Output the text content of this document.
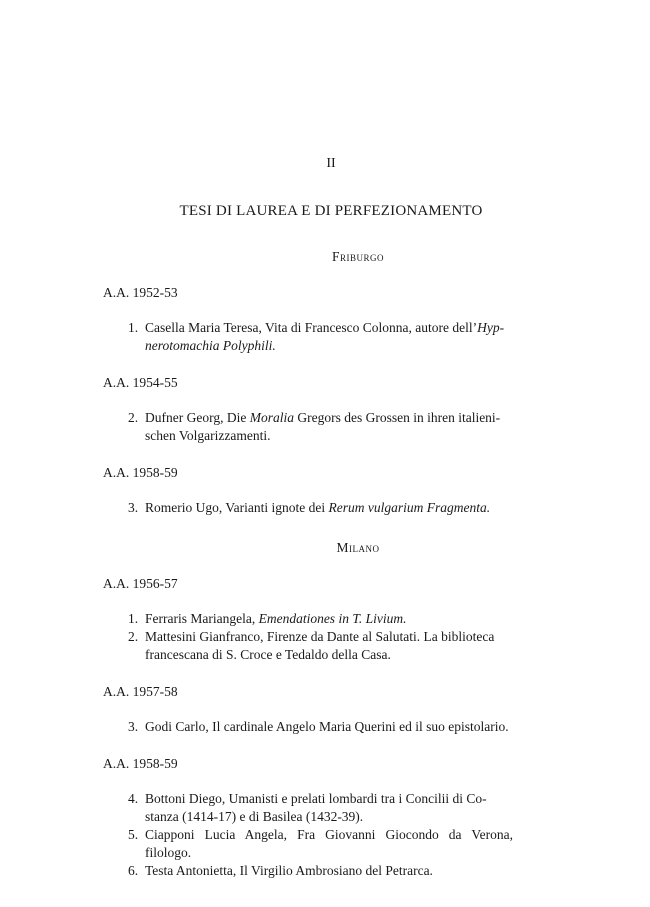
II
TESI DI LAUREA E DI PERFEZIONAMENTO
Friburgo
A.A. 1952-53
1. Casella Maria Teresa, Vita di Francesco Colonna, autore dell’Hyp-
nerotomachia Polyphili.
A.A. 1954-55
2. Dufner Georg, Die Moralia Gregors des Grossen in ihren italieni-
schen Volgarizzamenti.
A.A. 1958-59
3. Romerio Ugo, Varianti ignote dei Rerum vulgarium Fragmenta.
Milano
A.A. 1956-57
1. Ferraris Mariangela, Emendationes in T. Livium.
2. Mattesini Gianfranco, Firenze da Dante al Salutati. La biblioteca
francescana di S. Croce e Tedaldo della Casa.
A.A. 1957-58
3. Godi Carlo, Il cardinale Angelo Maria Querini ed il suo epistolario.
A.A. 1958-59
4. Bottoni Diego, Umanisti e prelati lombardi tra i Concilii di Co-
stanza (1414-17) e di Basilea (1432-39).
5. Ciapponi Lucia Angela, Fra Giovanni Giocondo da Verona, filologo.
6. Testa Antonietta, Il Virgilio Ambrosiano del Petrarca.
